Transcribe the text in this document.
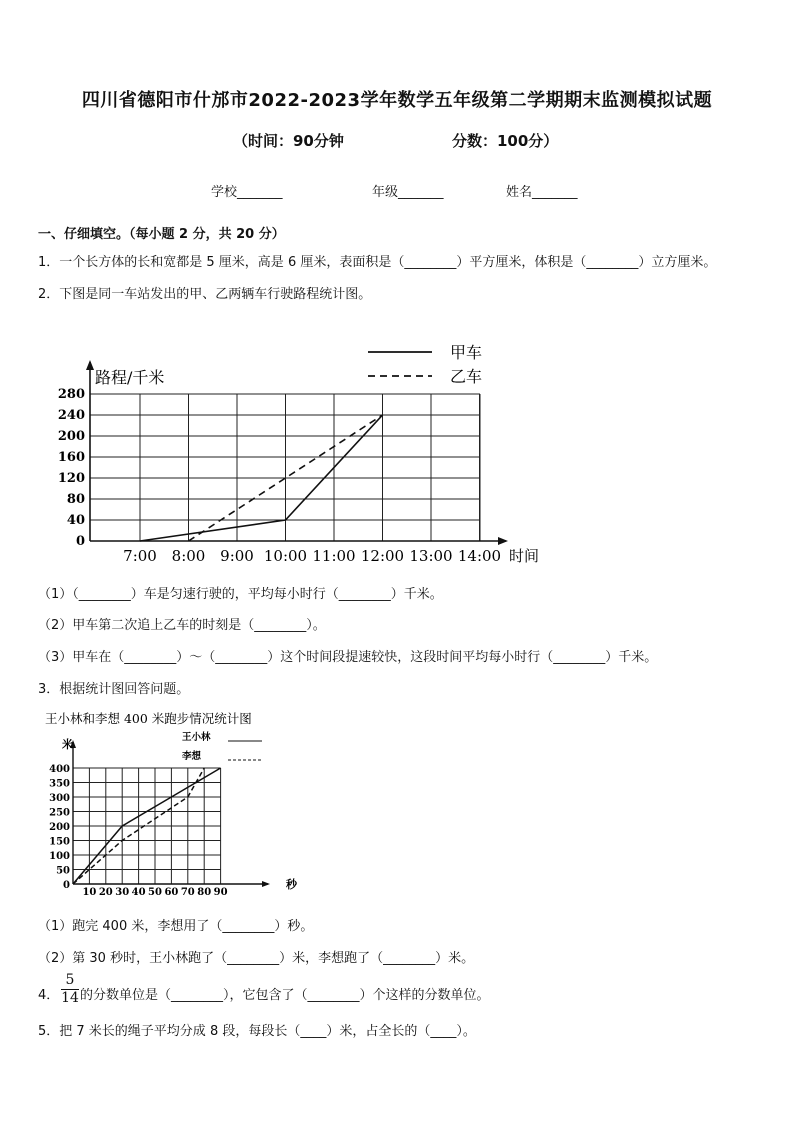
四川省德阳市什邡市2022-2023学年数学五年级第二学期期末监测模拟试题
（时间：90分钟	分数：100分）
学校_______	年级_______	姓名_______
一、仔细填空。（每小题 2 分，共 20 分）
1．一个长方体的长和宽都是 5 厘米，高是 6 厘米，表面积是（________）平方厘米，体积是（________）立方厘米。
2．下图是同一车站发出的甲、乙两辆车行驶路程统计图。
0
40
80
120
160
200
240
280
7:00 8:00 9:00 10:00 11:00 12:00 13:00 14:00
甲车
乙车
路程/千米
时间
（1）（________）车是匀速行驶的，平均每小时行（________）千米。
（2）甲车第二次追上乙车的时刻是（________）。
（3）甲车在（________）～（________）这个时间段提速较快，这段时间平均每小时行（________）千米。
3．根据统计图回答问题。
王小林和李想 400 米跑步情况统计图
0
50
100
150
200
250
300
350
400
10 20 30 40 50 60 70 80 90
王小林
李想
米
秒
（1）跑完 400 米，李想用了（________）秒。
（2）第 30 秒时，王小林跑了（________）米，李想跑了（________）米。
4．
5
14 的分数单位是（________），它包含了（________）个这样的分数单位。
5．把 7 米长的绳子平均分成 8 段，每段长（____）米，占全长的（____）。
